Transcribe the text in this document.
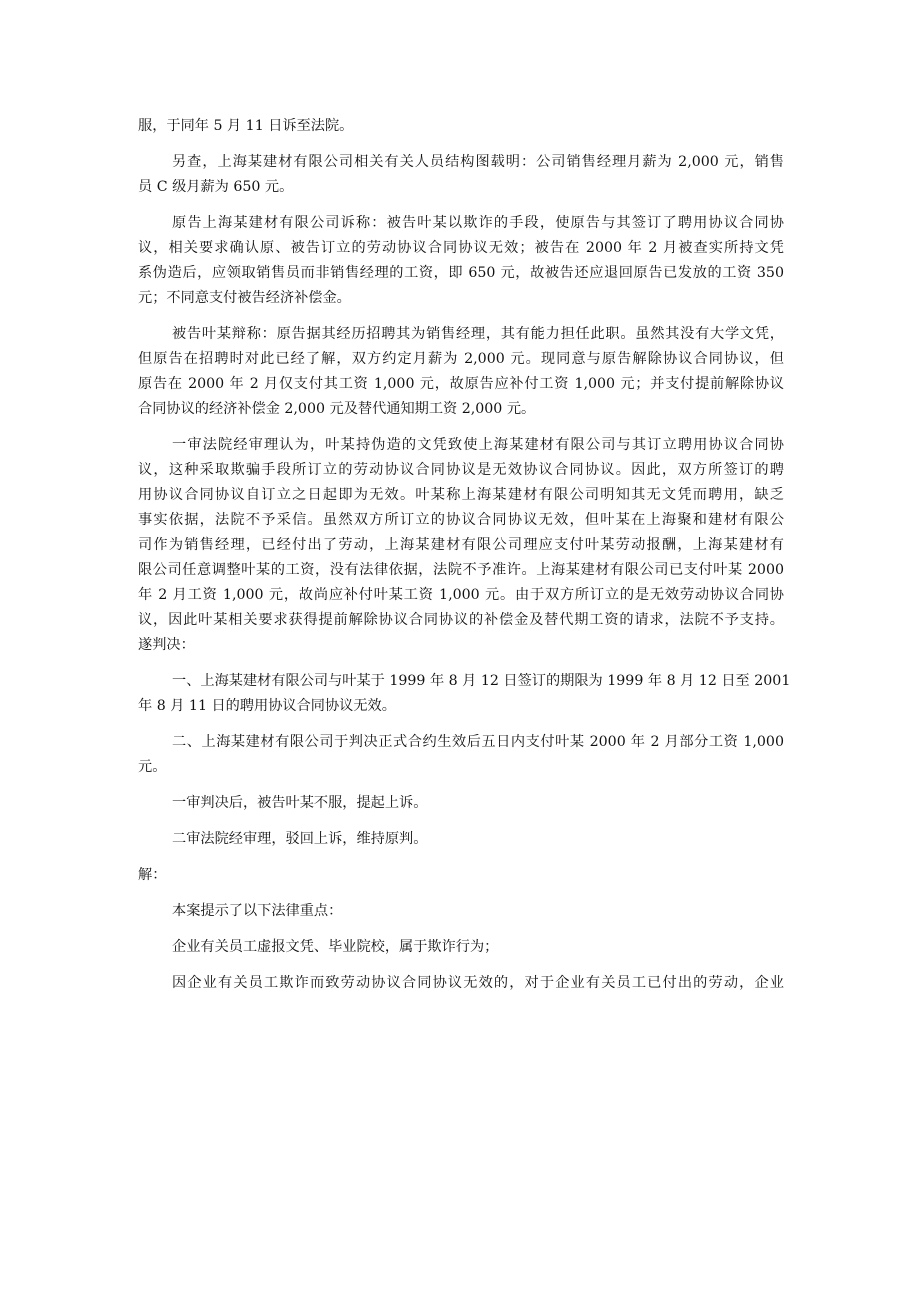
服，于同年 5 月 11 日诉至法院。

另查，上海某建材有限公司相关有关人员结构图载明：公司销售经理月薪为 2,000 元，销售

员 C 级月薪为 650 元。

原告上海某建材有限公司诉称：被告叶某以欺诈的手段，使原告与其签订了聘用协议合同协

议，相关要求确认原、被告订立的劳动协议合同协议无效；被告在 2000 年 2 月被查实所持文凭

系伪造后，应领取销售员而非销售经理的工资，即 650 元，故被告还应退回原告已发放的工资 350

元；不同意支付被告经济补偿金。

被告叶某辩称：原告据其经历招聘其为销售经理，其有能力担任此职。虽然其没有大学文凭，

但原告在招聘时对此已经了解，双方约定月薪为 2,000 元。现同意与原告解除协议合同协议，但

原告在 2000 年 2 月仅支付其工资 1,000 元，故原告应补付工资 1,000 元；并支付提前解除协议

合同协议的经济补偿金 2,000 元及替代通知期工资 2,000 元。

一审法院经审理认为，叶某持伪造的文凭致使上海某建材有限公司与其订立聘用协议合同协

议，这种采取欺骗手段所订立的劳动协议合同协议是无效协议合同协议。因此，双方所签订的聘

用协议合同协议自订立之日起即为无效。叶某称上海某建材有限公司明知其无文凭而聘用，缺乏

事实依据，法院不予采信。虽然双方所订立的协议合同协议无效，但叶某在上海聚和建材有限公

司作为销售经理，已经付出了劳动，上海某建材有限公司理应支付叶某劳动报酬，上海某建材有

限公司任意调整叶某的工资，没有法律依据，法院不予准许。上海某建材有限公司已支付叶某 2000

年 2 月工资 1,000 元，故尚应补付叶某工资 1,000 元。由于双方所订立的是无效劳动协议合同协

议，因此叶某相关要求获得提前解除协议合同协议的补偿金及替代期工资的请求，法院不予支持。

遂判决：

一、上海某建材有限公司与叶某于 1999 年 8 月 12 日签订的期限为 1999 年 8 月 12 日至 2001

年 8 月 11 日的聘用协议合同协议无效。

二、上海某建材有限公司于判决正式合约生效后五日内支付叶某 2000 年 2 月部分工资 1,000

元。

一审判决后，被告叶某不服，提起上诉。

二审法院经审理，驳回上诉，维持原判。

解：

本案提示了以下法律重点：

企业有关员工虚报文凭、毕业院校，属于欺诈行为；

因企业有关员工欺诈而致劳动协议合同协议无效的，对于企业有关员工已付出的劳动，企业
